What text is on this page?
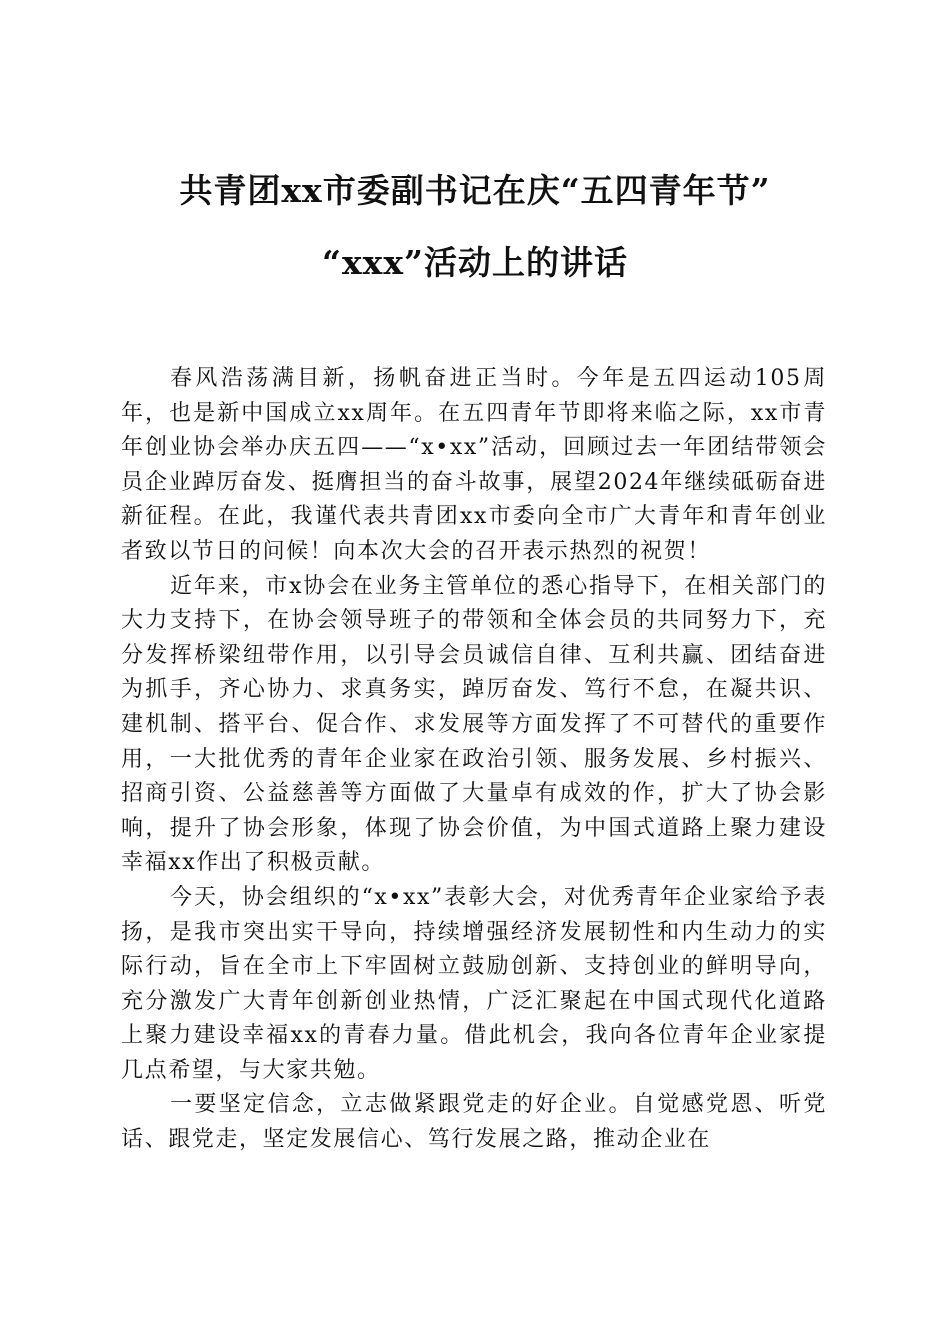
共青团xx市委副书记在庆“五四青年节”
“xxx”活动上的讲话

春风浩荡满目新，扬帆奋进正当时。今年是五四运动105周年，也是新中国成立xx周年。在五四青年节即将来临之际，xx市青年创业协会举办庆五四——“x•xx”活动，回顾过去一年团结带领会员企业踔厉奋发、挺膺担当的奋斗故事，展望2024年继续砥砺奋进新征程。在此，我谨代表共青团xx市委向全市广大青年和青年创业者致以节日的问候！向本次大会的召开表示热烈的祝贺！

近年来，市x协会在业务主管单位的悉心指导下，在相关部门的大力支持下，在协会领导班子的带领和全体会员的共同努力下，充分发挥桥梁纽带作用，以引导会员诚信自律、互利共赢、团结奋进为抓手，齐心协力、求真务实，踔厉奋发、笃行不怠，在凝共识、建机制、搭平台、促合作、求发展等方面发挥了不可替代的重要作用，一大批优秀的青年企业家在政治引领、服务发展、乡村振兴、招商引资、公益慈善等方面做了大量卓有成效的作，扩大了协会影响，提升了协会形象，体现了协会价值，为中国式道路上聚力建设幸福xx作出了积极贡献。

今天，协会组织的“x•xx”表彰大会，对优秀青年企业家给予表扬，是我市突出实干导向，持续增强经济发展韧性和内生动力的实际行动，旨在全市上下牢固树立鼓励创新、支持创业的鲜明导向，充分激发广大青年创新创业热情，广泛汇聚起在中国式现代化道路上聚力建设幸福xx的青春力量。借此机会，我向各位青年企业家提几点希望，与大家共勉。

一要坚定信念，立志做紧跟党走的好企业。自觉感党恩、听党话、跟党走，坚定发展信心、笃行发展之路，推动企业在
